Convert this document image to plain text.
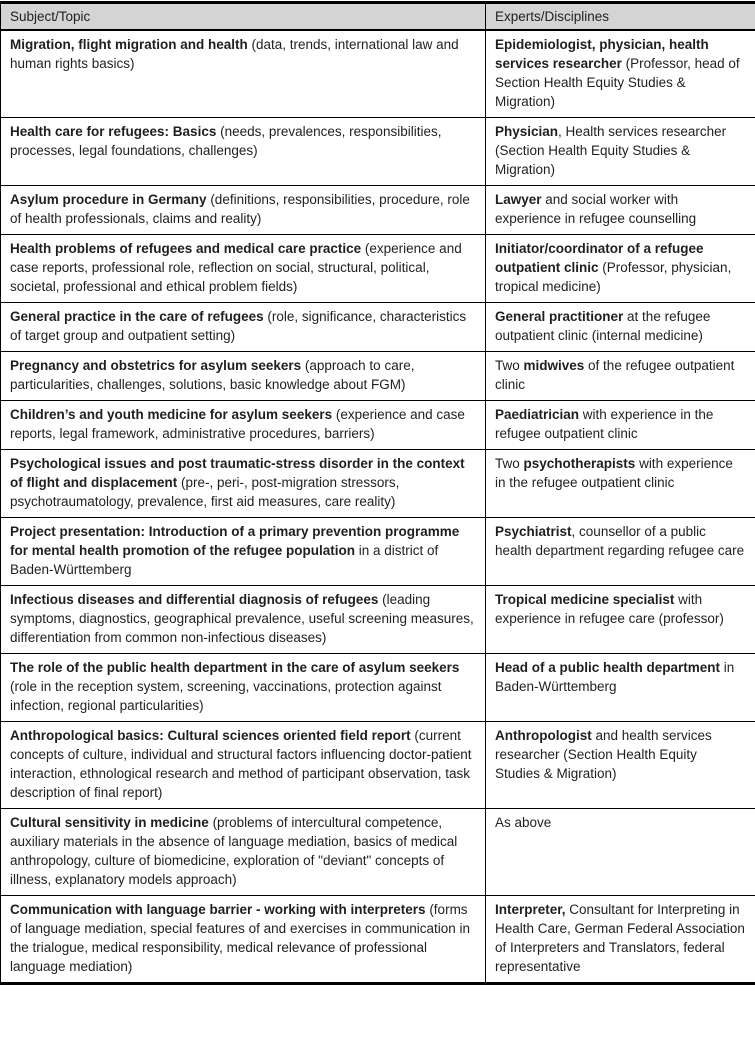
Subject/Topic	Experts/Disciplines
Migration, flight migration and health (data, trends, international law and human rights basics)	Epidemiologist, physician, health services researcher (Professor, head of Section Health Equity Studies & Migration)
Health care for refugees: Basics (needs, prevalences, responsibilities, processes, legal foundations, challenges)	Physician, Health services researcher (Section Health Equity Studies & Migration)
Asylum procedure in Germany (definitions, responsibilities, procedure, role of health professionals, claims and reality)	Lawyer and social worker with experience in refugee counselling
Health problems of refugees and medical care practice (experience and case reports, professional role, reflection on social, structural, political, societal, professional and ethical problem fields)	Initiator/coordinator of a refugee outpatient clinic (Professor, physician, tropical medicine)
General practice in the care of refugees (role, significance, characteristics of target group and outpatient setting)	General practitioner at the refugee outpatient clinic (internal medicine)
Pregnancy and obstetrics for asylum seekers (approach to care, particularities, challenges, solutions, basic knowledge about FGM)	Two midwives of the refugee outpatient clinic
Children’s and youth medicine for asylum seekers (experience and case reports, legal framework, administrative procedures, barriers)	Paediatrician with experience in the refugee outpatient clinic
Psychological issues and post traumatic-stress disorder in the context of flight and displacement (pre-, peri-, post-migration stressors, psychotraumatology, prevalence, first aid measures, care reality)	Two psychotherapists with experience in the refugee outpatient clinic
Project presentation: Introduction of a primary prevention programme for mental health promotion of the refugee population in a district of Baden-Württemberg	Psychiatrist, counsellor of a public health department regarding refugee care
Infectious diseases and differential diagnosis of refugees (leading symptoms, diagnostics, geographical prevalence, useful screening measures, differentiation from common non-infectious diseases)	Tropical medicine specialist with experience in refugee care (professor)
The role of the public health department in the care of asylum seekers (role in the reception system, screening, vaccinations, protection against infection, regional particularities)	Head of a public health department in Baden-Württemberg
Anthropological basics: Cultural sciences oriented field report (current concepts of culture, individual and structural factors influencing doctor-patient interaction, ethnological research and method of participant observation, task description of final report)	Anthropologist and health services researcher (Section Health Equity Studies & Migration)
Cultural sensitivity in medicine (problems of intercultural competence, auxiliary materials in the absence of language mediation, basics of medical anthropology, culture of biomedicine, exploration of "deviant" concepts of illness, explanatory models approach)	As above
Communication with language barrier - working with interpreters (forms of language mediation, special features of and exercises in communication in the trialogue, medical responsibility, medical relevance of professional language mediation)	Interpreter, Consultant for Interpreting in Health Care, German Federal Association of Interpreters and Translators, federal representative
